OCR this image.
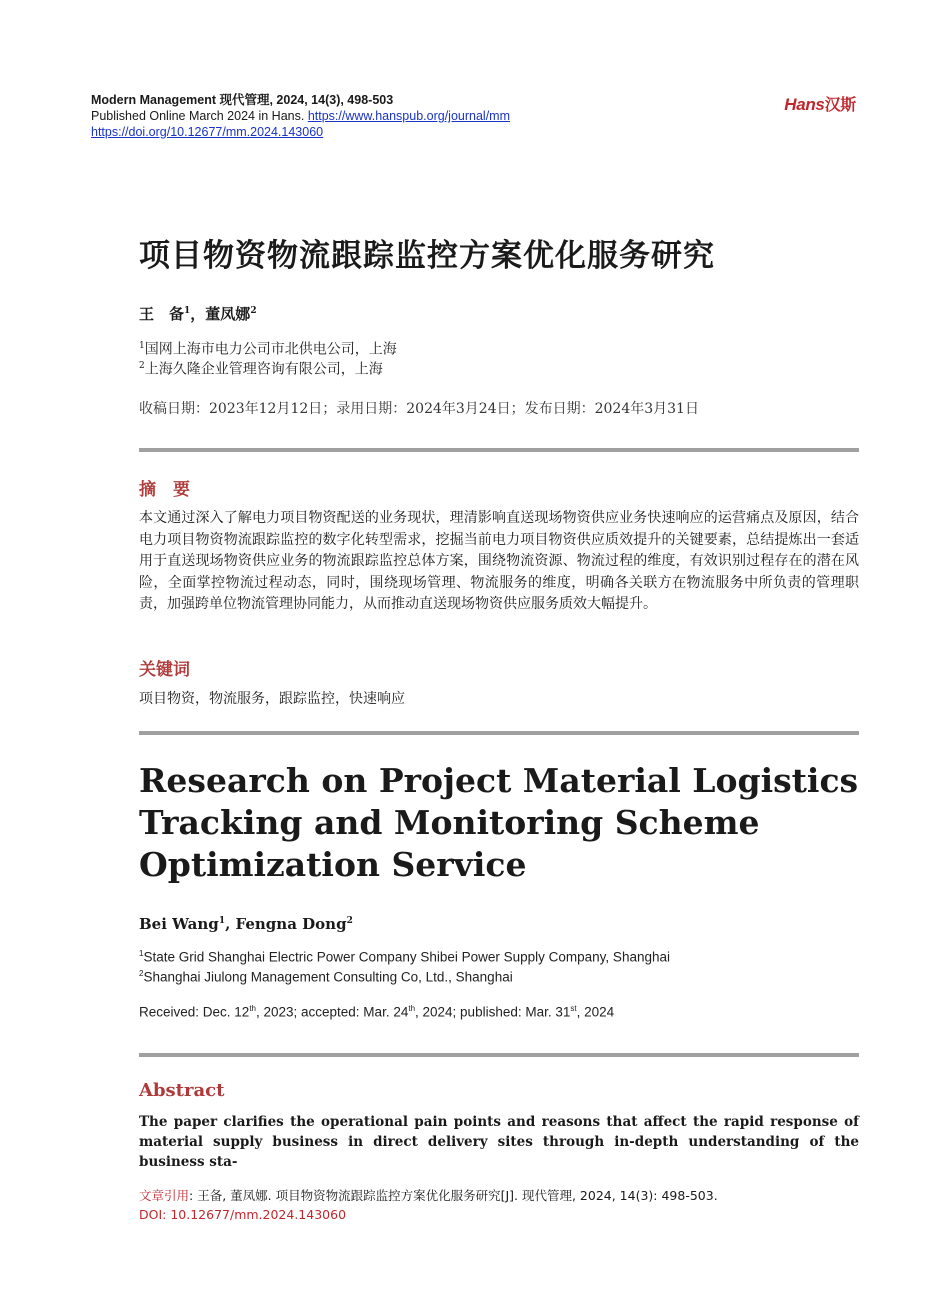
Modern Management 现代管理, 2024, 14(3), 498-503
Published Online March 2024 in Hans. https://www.hanspub.org/journal/mm
https://doi.org/10.12677/mm.2024.143060
Hans汉斯
项目物资物流跟踪监控方案优化服务研究
王　备$^1$，董凤娜$^2$
$^1$国网上海市电力公司市北供电公司，上海
$^2$上海久隆企业管理咨询有限公司，上海
收稿日期：2023年12月12日；录用日期：2024年3月24日；发布日期：2024年3月31日
摘　要
本文通过深入了解电力项目物资配送的业务现状，理清影响直送现场物资供应业务快速响应的运营痛点及原因，结合电力项目物资物流跟踪监控的数字化转型需求，挖掘当前电力项目物资供应质效提升的关键要素，总结提炼出一套适用于直送现场物资供应业务的物流跟踪监控总体方案，围绕物流资源、物流过程的维度，有效识别过程存在的潜在风险，全面掌控物流过程动态，同时，围绕现场管理、物流服务的维度，明确各关联方在物流服务中所负责的管理职责，加强跨单位物流管理协同能力，从而推动直送现场物资供应服务质效大幅提升。
关键词
项目物资，物流服务，跟踪监控，快速响应
Research on Project Material Logistics Tracking and Monitoring Scheme Optimization Service
Bei Wang$^1$, Fengna Dong$^2$
$^1$State Grid Shanghai Electric Power Company Shibei Power Supply Company, Shanghai
$^2$Shanghai Jiulong Management Consulting Co, Ltd., Shanghai
Received: Dec. 12th, 2023; accepted: Mar. 24th, 2024; published: Mar. 31st, 2024
Abstract
The paper clarifies the operational pain points and reasons that affect the rapid response of material supply business in direct delivery sites through in-depth understanding of the business sta-
文章引用: 王备, 董凤娜. 项目物资物流跟踪监控方案优化服务研究[J]. 现代管理, 2024, 14(3): 498-503.
DOI: 10.12677/mm.2024.143060
